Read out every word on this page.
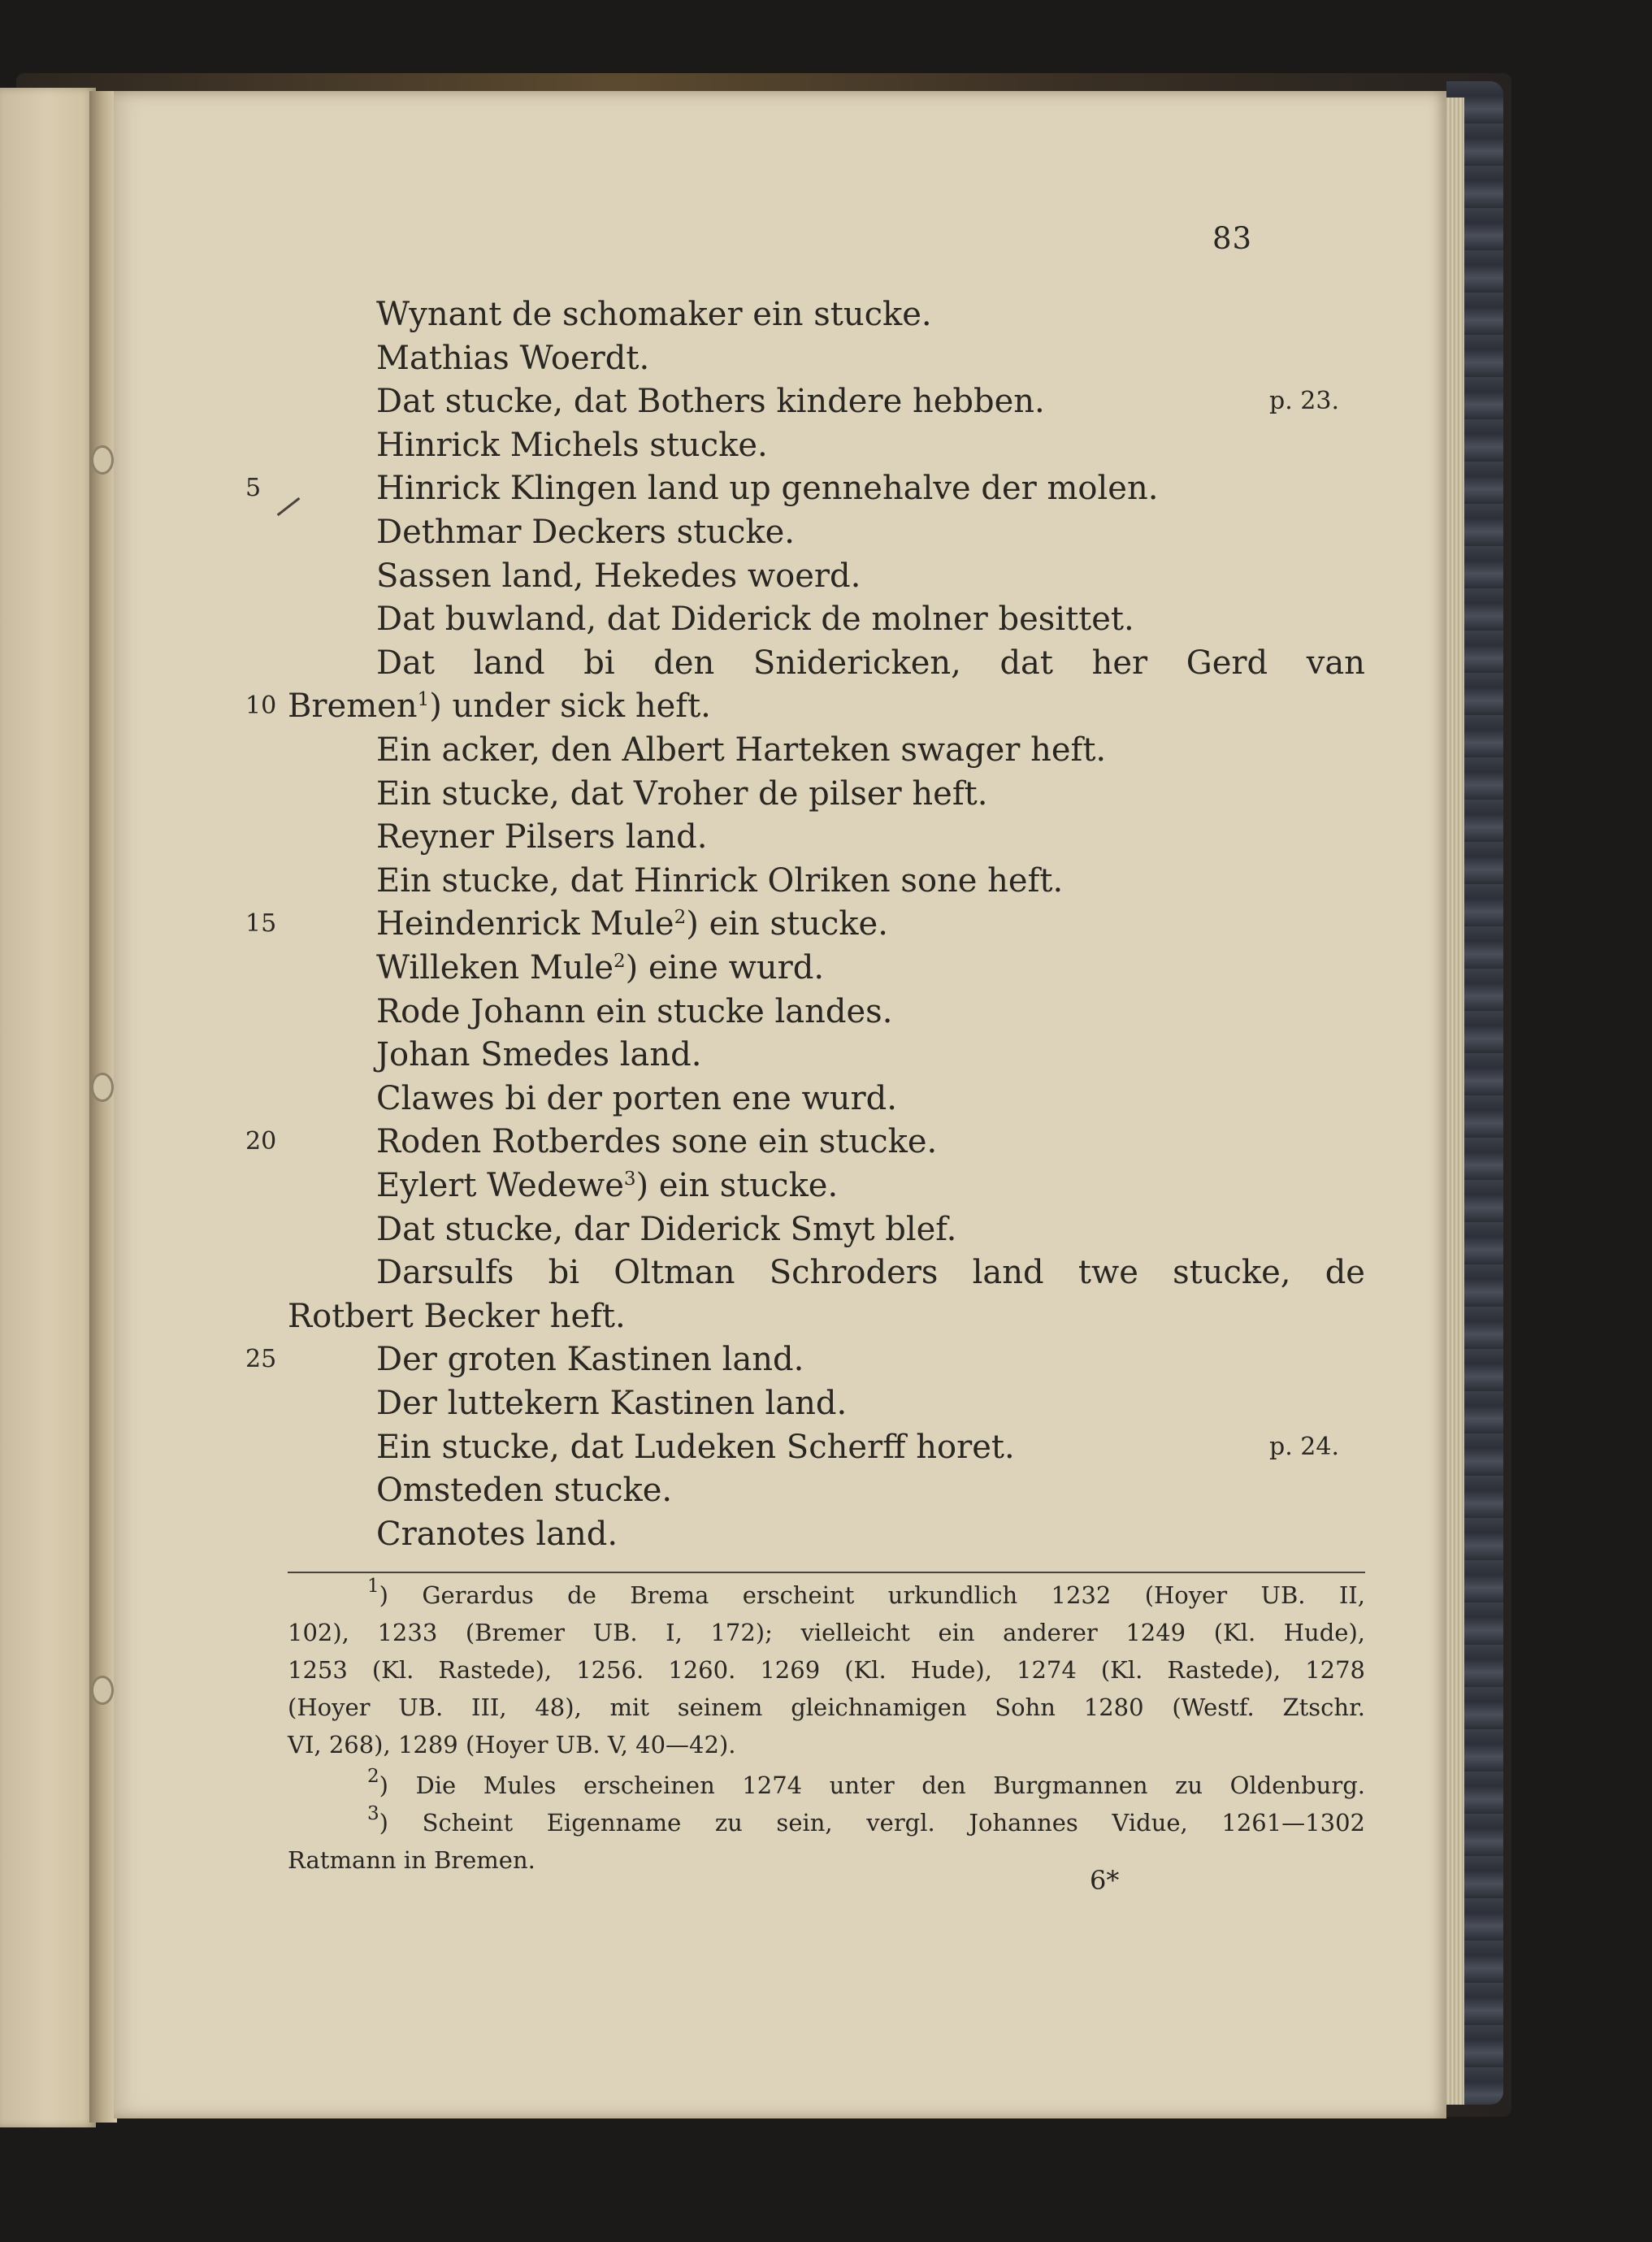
83
Wynant de schomaker ein stucke.
Mathias Woerdt.
Dat stucke, dat Bothers kindere hebben.	p. 23.
Hinrick Michels stucke.
5	Hinrick Klingen land up gennehalve der molen.
Dethmar Deckers stucke.
Sassen land, Hekedes woerd.
Dat buwland, dat Diderick de molner besittet.
Dat land bi den Snidericken, dat her Gerd van
10 Bremen$^1$) under sick heft.
Ein acker, den Albert Harteken swager heft.
Ein stucke, dat Vroher de pilser heft.
Reyner Pilsers land.
Ein stucke, dat Hinrick Olriken sone heft.
15	Heindenrick Mule$^2$) ein stucke.
Willeken Mule$^2$) eine wurd.
Rode Johann ein stucke landes.
Johan Smedes land.
Clawes bi der porten ene wurd.
20	Roden Rotberdes sone ein stucke.
Eylert Wedewe$^3$) ein stucke.
Dat stucke, dar Diderick Smyt blef.
Darsulfs bi Oltman Schroders land twe stucke, de
Rotbert Becker heft.
25	Der groten Kastinen land.
Der luttekern Kastinen land.
Ein stucke, dat Ludeken Scherff horet.	p. 24.
Omsteden stucke.
Cranotes land.

$^1$) Gerardus de Brema erscheint urkundlich 1232 (Hoyer UB. II,

102), 1233 (Bremer UB. I, 172); vielleicht ein anderer 1249 (Kl. Hude),

1253 (Kl. Rastede), 1256. 1260. 1269 (Kl. Hude), 1274 (Kl. Rastede), 1278

(Hoyer UB. III, 48), mit seinem gleichnamigen Sohn 1280 (Westf. Ztschr.

VI, 268), 1289 (Hoyer UB. V, 40—42).

$^2$) Die Mules erscheinen 1274 unter den Burgmannen zu Oldenburg.

$^3$) Scheint Eigenname zu sein, vergl. Johannes Vidue, 1261—1302

Ratmann in Bremen.

6*
